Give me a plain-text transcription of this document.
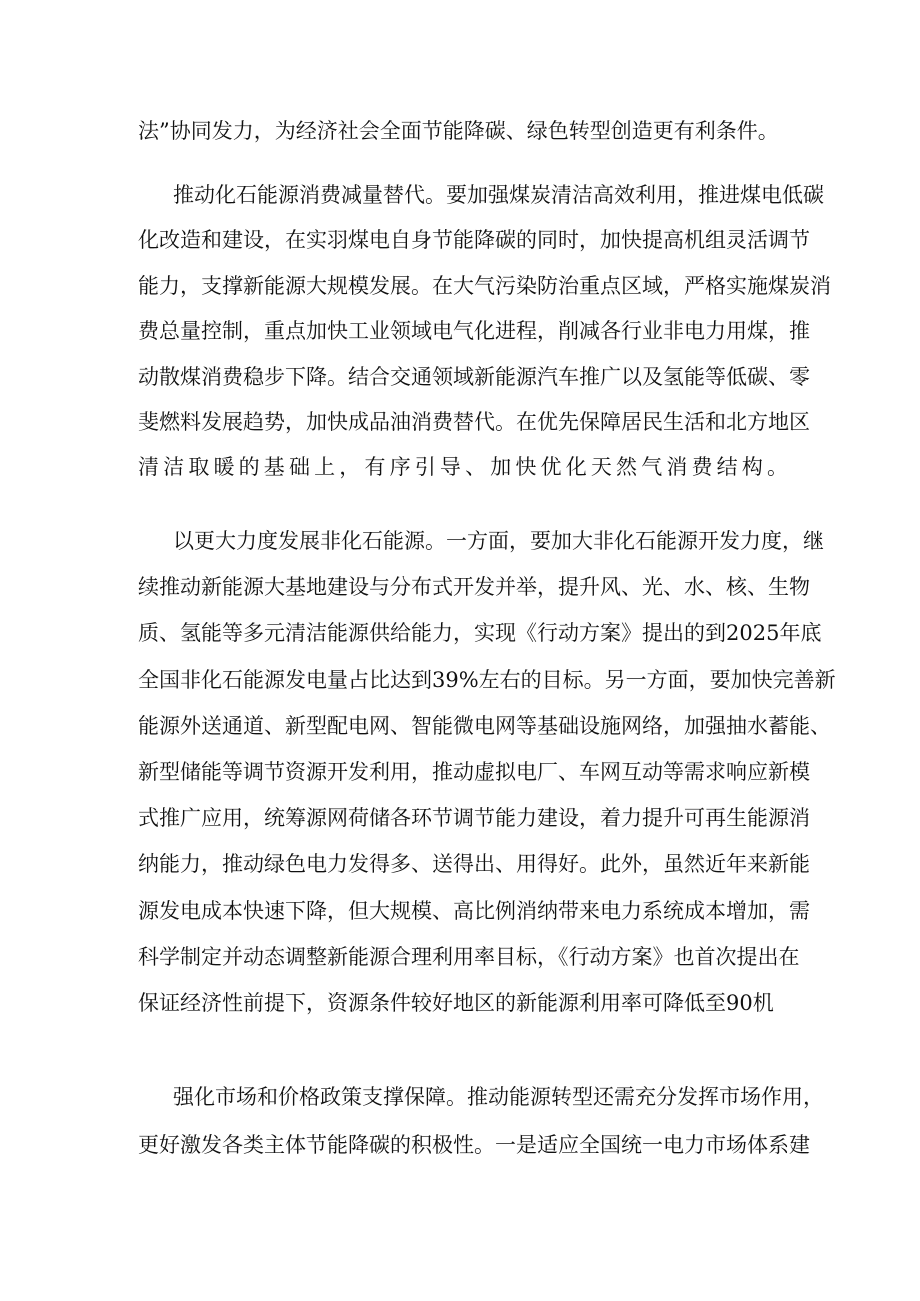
法”协同发力，为经济社会全面节能降碳、绿色转型创造更有利条件。
推动化石能源消费减量替代。要加强煤炭清洁高效利用，推进煤电低碳
化改造和建设，在实羽煤电自身节能降碳的同时，加快提高机组灵活调节
能力，支撑新能源大规模发展。在大气污染防治重点区域，严格实施煤炭消
费总量控制，重点加快工业领域电气化进程，削减各行业非电力用煤，推
动散煤消费稳步下降。结合交通领域新能源汽车推广以及氢能等低碳、零
斐燃料发展趋势，加快成品油消费替代。在优先保障居民生活和北方地区
清洁取暖的基础上，有序引导、加快优化天然气消费结构。
以更大力度发展非化石能源。一方面，要加大非化石能源开发力度，继
续推动新能源大基地建设与分布式开发并举，提升风、光、水、核、生物
质、氢能等多元清洁能源供给能力，实现《行动方案》提出的到2025年底
全国非化石能源发电量占比达到39%左右的目标。另一方面，要加快完善新
能源外送通道、新型配电网、智能微电网等基础设施网络，加强抽水蓄能、
新型储能等调节资源开发利用，推动虚拟电厂、车网互动等需求响应新模
式推广应用，统筹源网荷储各环节调节能力建设，着力提升可再生能源消
纳能力，推动绿色电力发得多、送得出、用得好。此外，虽然近年来新能
源发电成本快速下降，但大规模、高比例消纳带来电力系统成本增加，需
科学制定并动态调整新能源合理利用率目标，《行动方案》也首次提出在
保证经济性前提下，资源条件较好地区的新能源利用率可降低至90机
强化市场和价格政策支撑保障。推动能源转型还需充分发挥市场作用，
更好激发各类主体节能降碳的积极性。一是适应全国统一电力市场体系建
